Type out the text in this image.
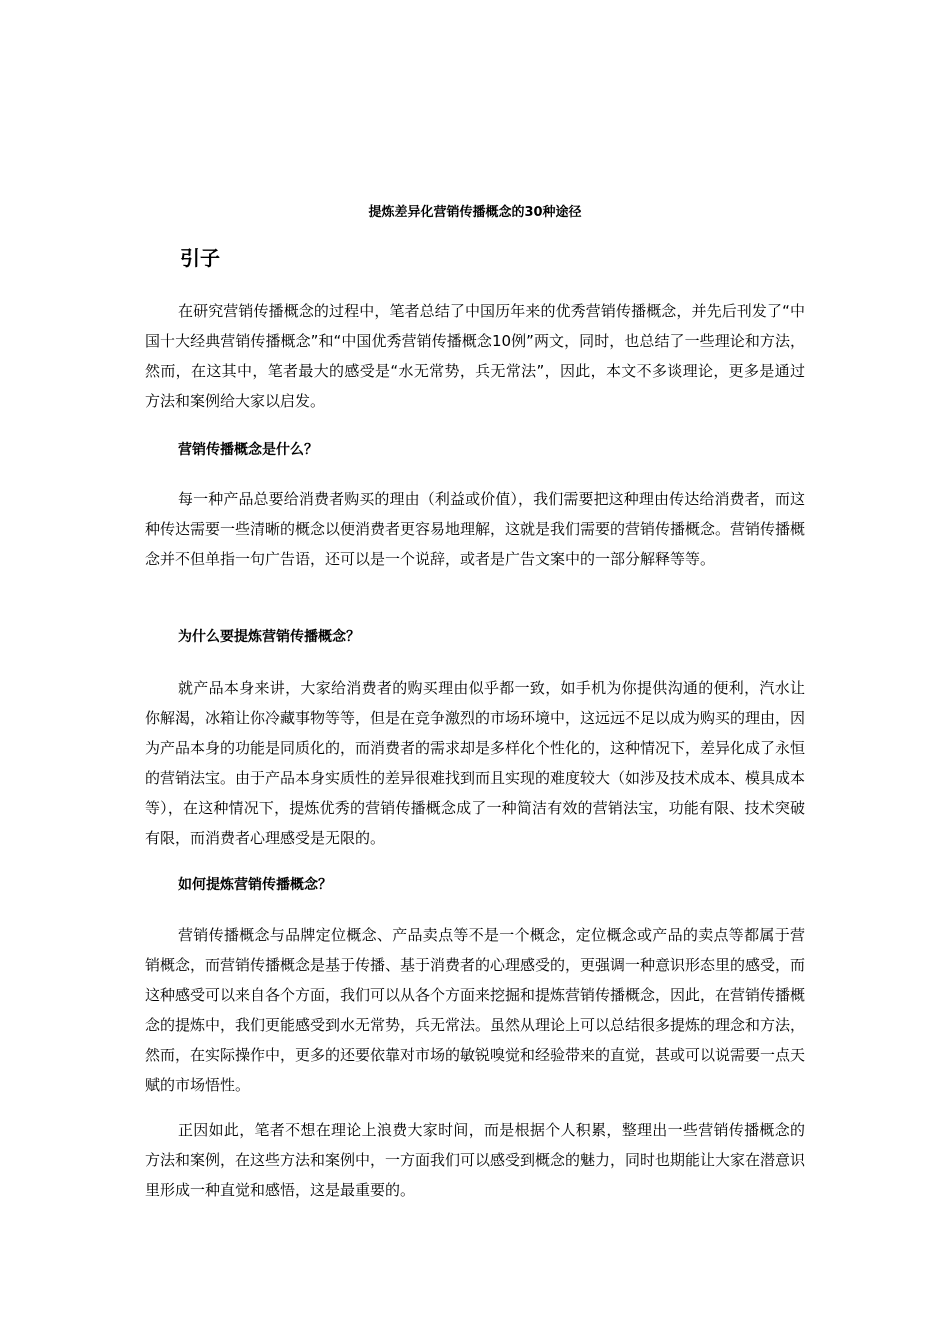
提炼差异化营销传播概念的30种途径
引子

在研究营销传播概念的过程中，笔者总结了中国历年来的优秀营销传播概念，并先后刊发了“中国十大经典营销传播概念”和“中国优秀营销传播概念10例”两文，同时，也总结了一些理论和方法，然而，在这其中，笔者最大的感受是“水无常势，兵无常法”，因此，本文不多谈理论，更多是通过方法和案例给大家以启发。

营销传播概念是什么？

每一种产品总要给消费者购买的理由（利益或价值），我们需要把这种理由传达给消费者，而这种传达需要一些清晰的概念以便消费者更容易地理解，这就是我们需要的营销传播概念。营销传播概念并不但单指一句广告语，还可以是一个说辞，或者是广告文案中的一部分解释等等。

为什么要提炼营销传播概念？

就产品本身来讲，大家给消费者的购买理由似乎都一致，如手机为你提供沟通的便利，汽水让你解渴，冰箱让你冷藏事物等等，但是在竞争激烈的市场环境中，这远远不足以成为购买的理由，因为产品本身的功能是同质化的，而消费者的需求却是多样化个性化的，这种情况下，差异化成了永恒的营销法宝。由于产品本身实质性的差异很难找到而且实现的难度较大（如涉及技术成本、模具成本等），在这种情况下，提炼优秀的营销传播概念成了一种简洁有效的营销法宝，功能有限、技术突破有限，而消费者心理感受是无限的。

如何提炼营销传播概念？

营销传播概念与品牌定位概念、产品卖点等不是一个概念，定位概念或产品的卖点等都属于营销概念，而营销传播概念是基于传播、基于消费者的心理感受的，更强调一种意识形态里的感受，而这种感受可以来自各个方面，我们可以从各个方面来挖掘和提炼营销传播概念，因此，在营销传播概念的提炼中，我们更能感受到水无常势，兵无常法。虽然从理论上可以总结很多提炼的理念和方法，然而，在实际操作中，更多的还要依靠对市场的敏锐嗅觉和经验带来的直觉，甚或可以说需要一点天赋的市场悟性。

正因如此，笔者不想在理论上浪费大家时间，而是根据个人积累，整理出一些营销传播概念的方法和案例，在这些方法和案例中，一方面我们可以感受到概念的魅力，同时也期能让大家在潜意识里形成一种直觉和感悟，这是最重要的。
